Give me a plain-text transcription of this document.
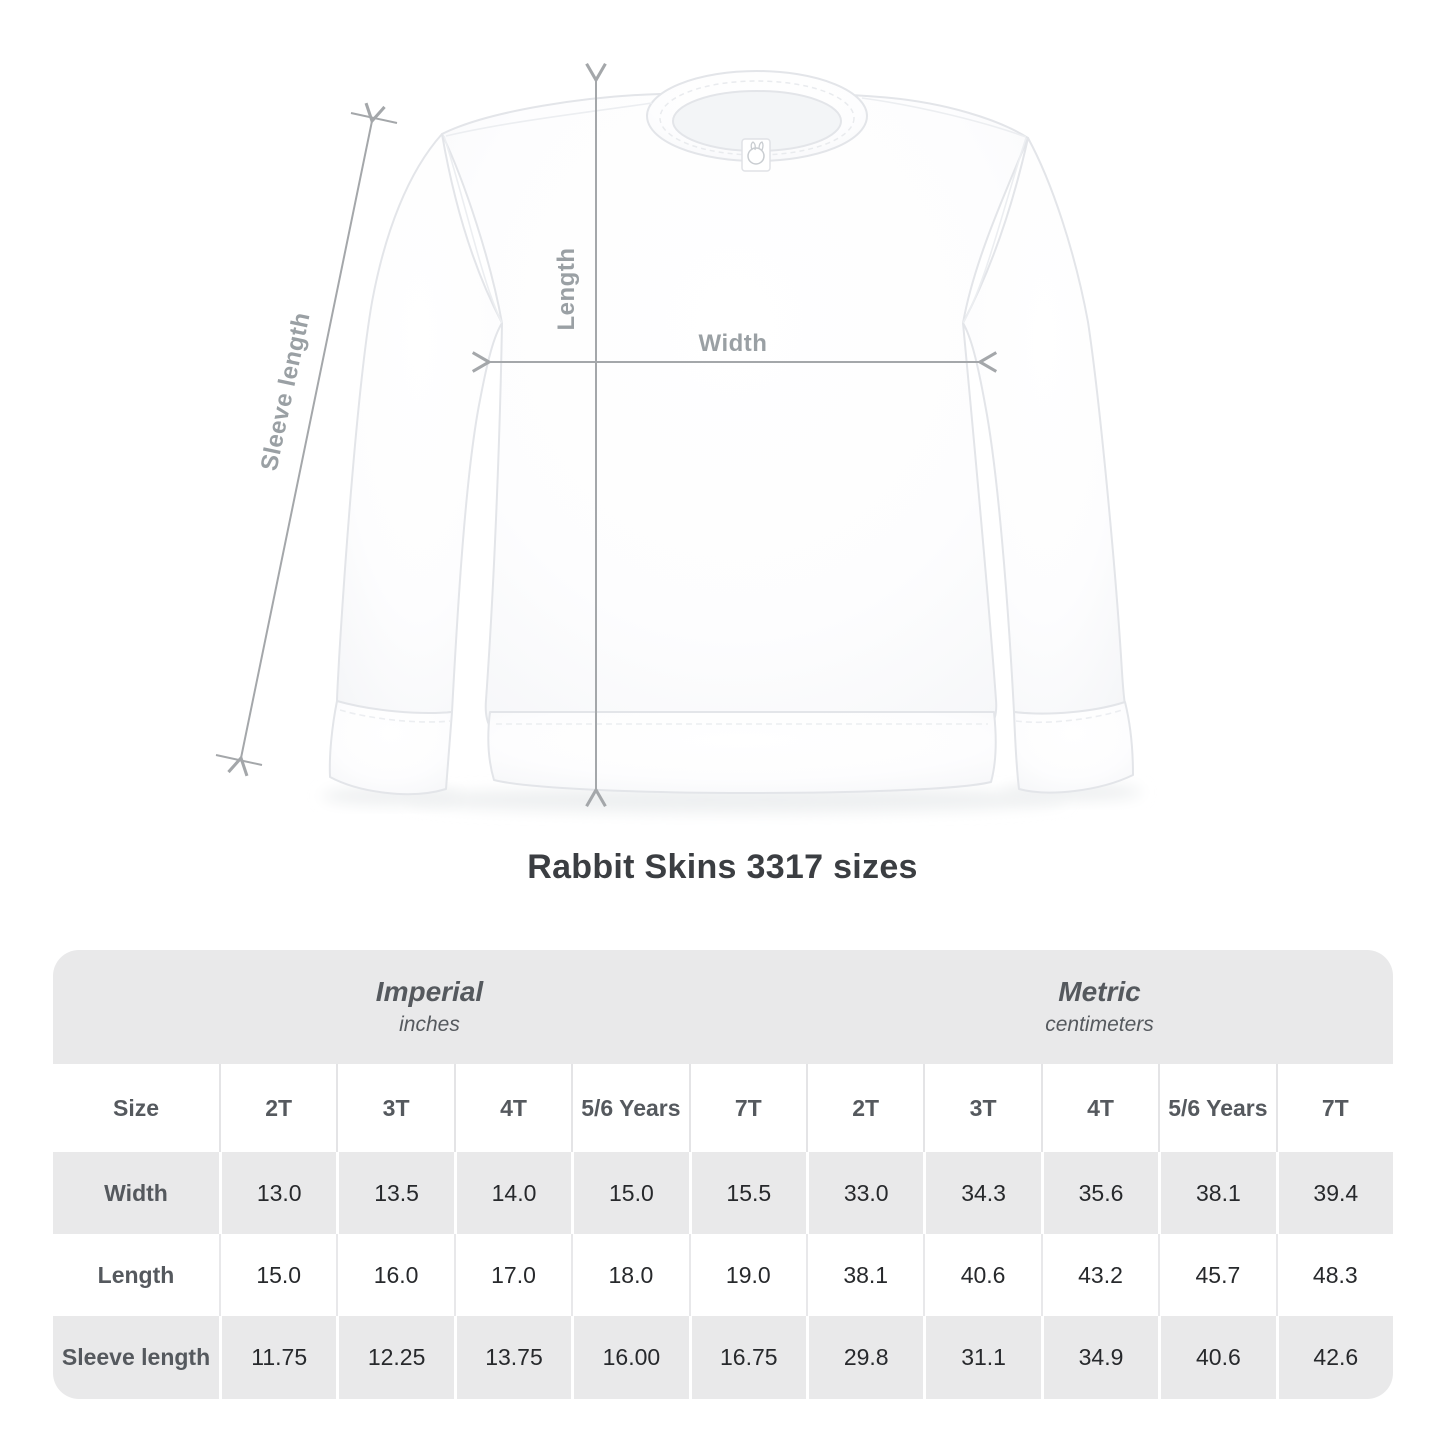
Width
Length
Sleeve length
Rabbit Skins 3317 sizes
Imperial
inches
Metric
centimeters
Size	2T	3T	4T	5/6 Years	7T	2T	3T	4T	5/6 Years	7T
Width	13.0	13.5	14.0	15.0	15.5	33.0	34.3	35.6	38.1	39.4
Length	15.0	16.0	17.0	18.0	19.0	38.1	40.6	43.2	45.7	48.3
Sleeve length	11.75	12.25	13.75	16.00	16.75	29.8	31.1	34.9	40.6	42.6
